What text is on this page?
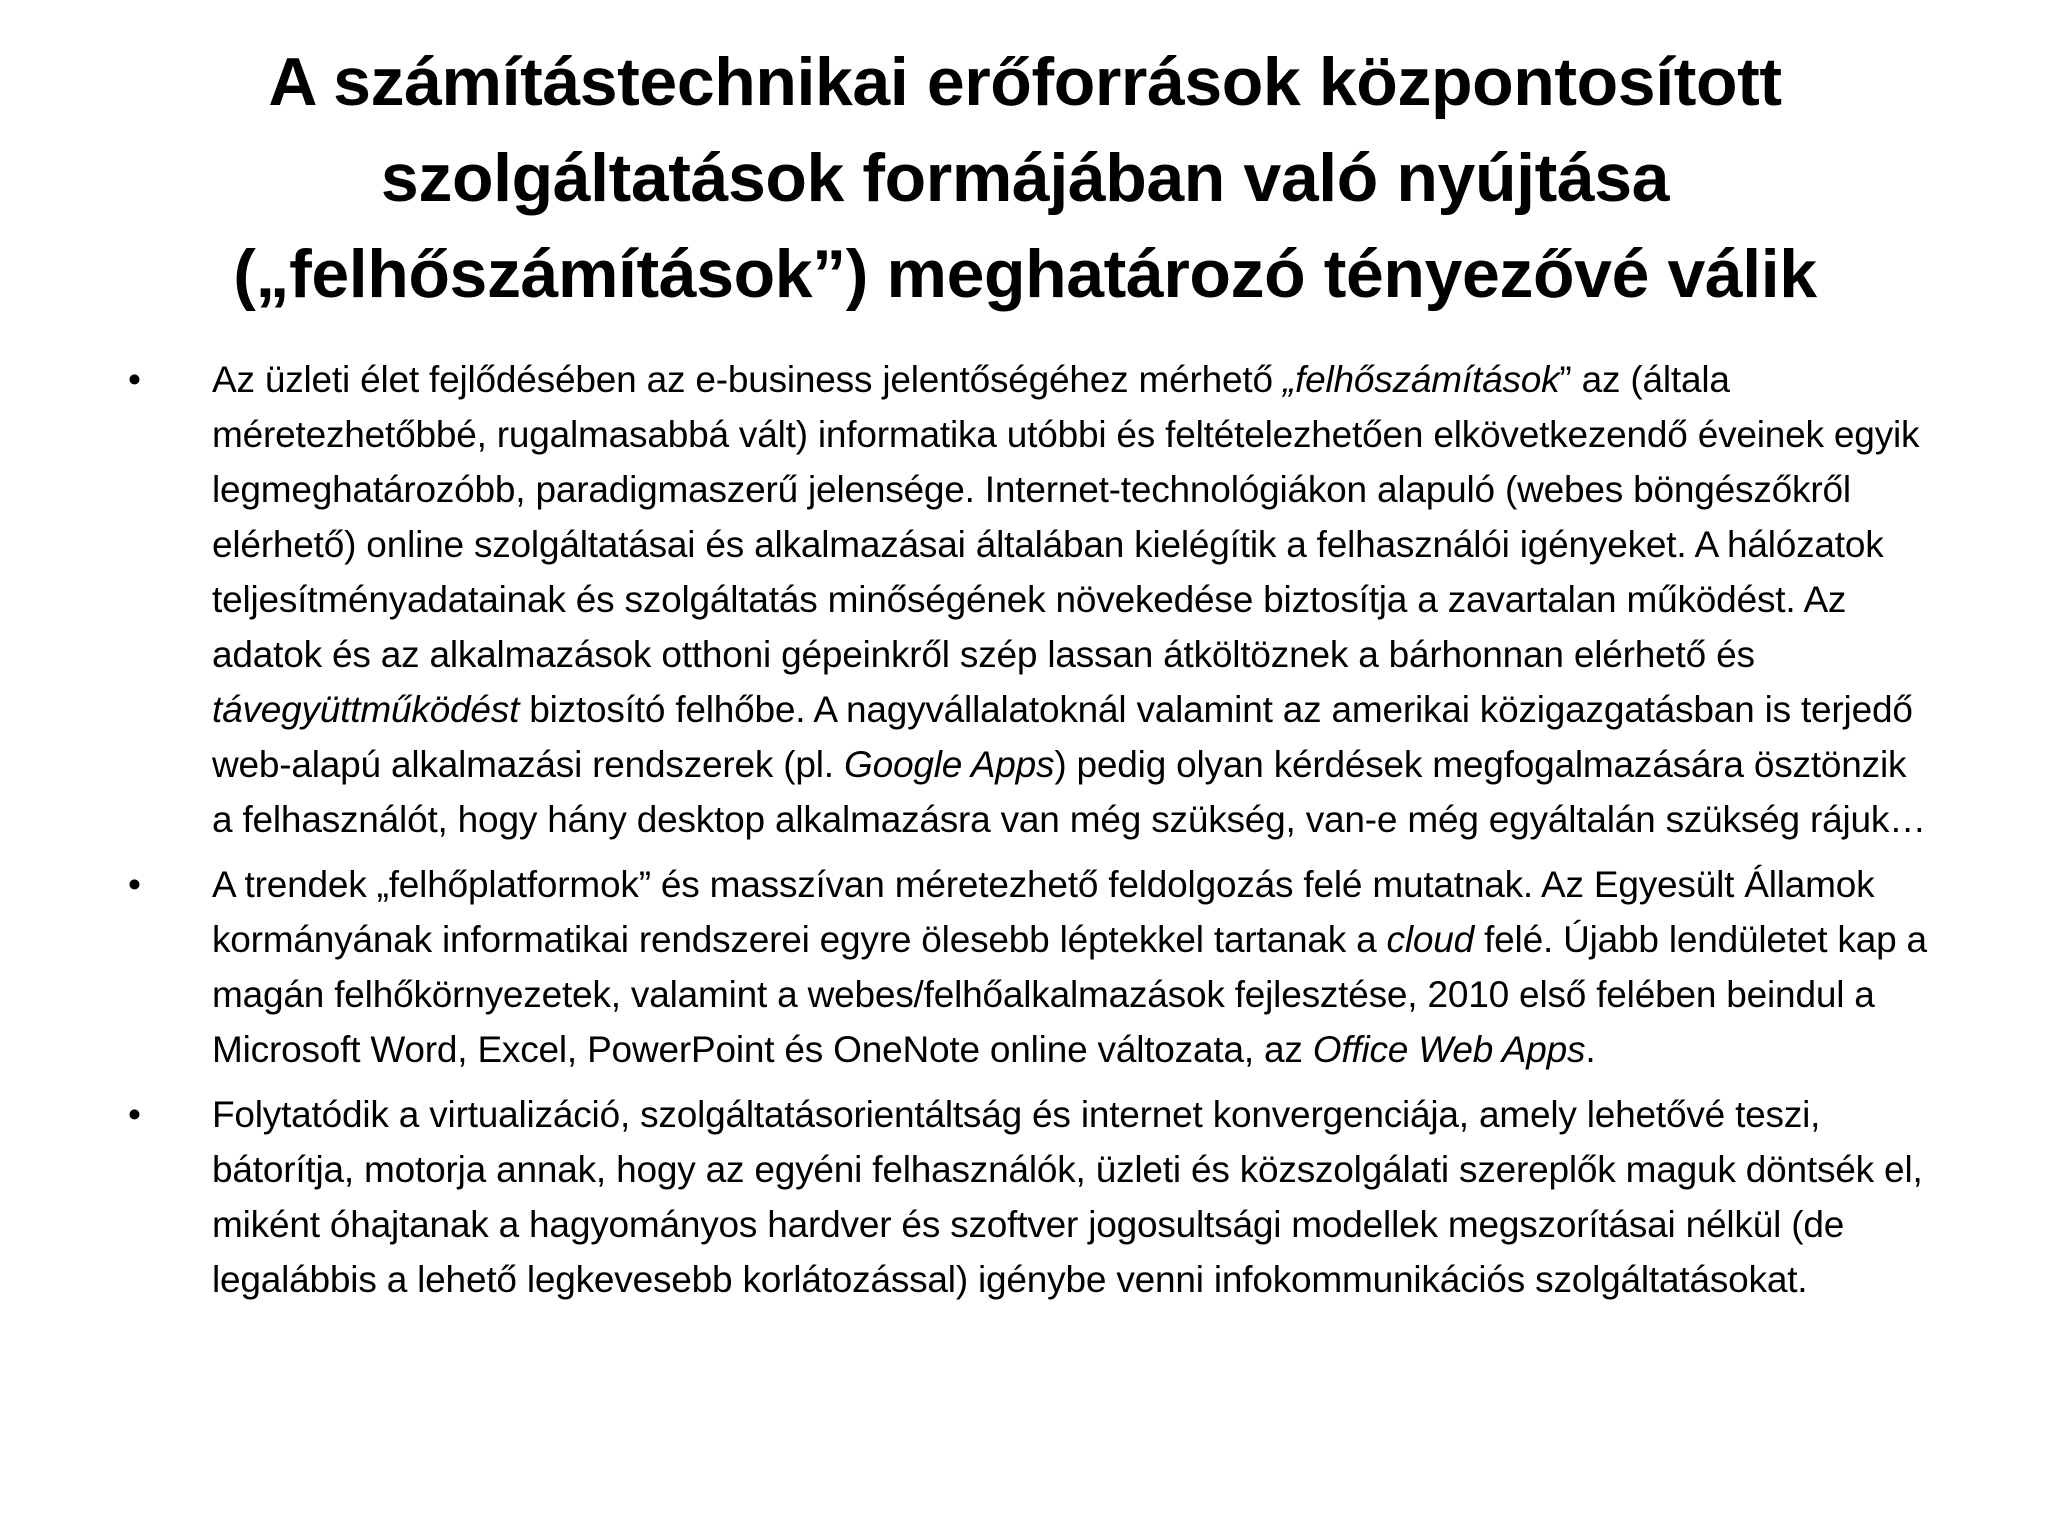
A számítástechnikai erőforrások központosított
szolgáltatások formájában való nyújtása
(„felhőszámítások”) meghatározó tényezővé válik
•	Az üzleti élet fejlődésében az e-business jelentőségéhez mérhető „felhőszámítások” az (általa méretezhetőbbé, rugalmasabbá vált) informatika utóbbi és feltételezhetően elkövetkezendő éveinek egyik legmeghatározóbb, paradigmaszerű jelensége. Internet-technológiákon alapuló (webes böngészőkről elérhető) online szolgáltatásai és alkalmazásai általában kielégítik a felhasználói igényeket. A hálózatok teljesítményadatainak és szolgáltatás minőségének növekedése biztosítja a zavartalan működést. Az adatok és az alkalmazások otthoni gépeinkről szép lassan átköltöznek a bárhonnan elérhető és távegyüttműködést biztosító felhőbe. A nagyvállalatoknál valamint az amerikai közigazgatásban is terjedő web-alapú alkalmazási rendszerek (pl. Google Apps) pedig olyan kérdések megfogalmazására ösztönzik a felhasználót, hogy hány desktop alkalmazásra van még szükség, van-e még egyáltalán szükség rájuk…
•	A trendek „felhőplatformok” és masszívan méretezhető feldolgozás felé mutatnak. Az Egyesült Államok kormányának informatikai rendszerei egyre ölesebb léptekkel tartanak a cloud felé. Újabb lendületet kap a magán felhőkörnyezetek, valamint a webes/felhőalkalmazások fejlesztése, 2010 első felében beindul a Microsoft Word, Excel, PowerPoint és OneNote online változata, az Office Web Apps.
•	Folytatódik a virtualizáció, szolgáltatásorientáltság és internet konvergenciája, amely lehetővé teszi, bátorítja, motorja annak, hogy az egyéni felhasználók, üzleti és közszolgálati szereplők maguk döntsék el, miként óhajtanak a hagyományos hardver és szoftver jogosultsági modellek megszorításai nélkül (de legalábbis a lehető legkevesebb korlátozással) igénybe venni infokommunikációs szolgáltatásokat.
